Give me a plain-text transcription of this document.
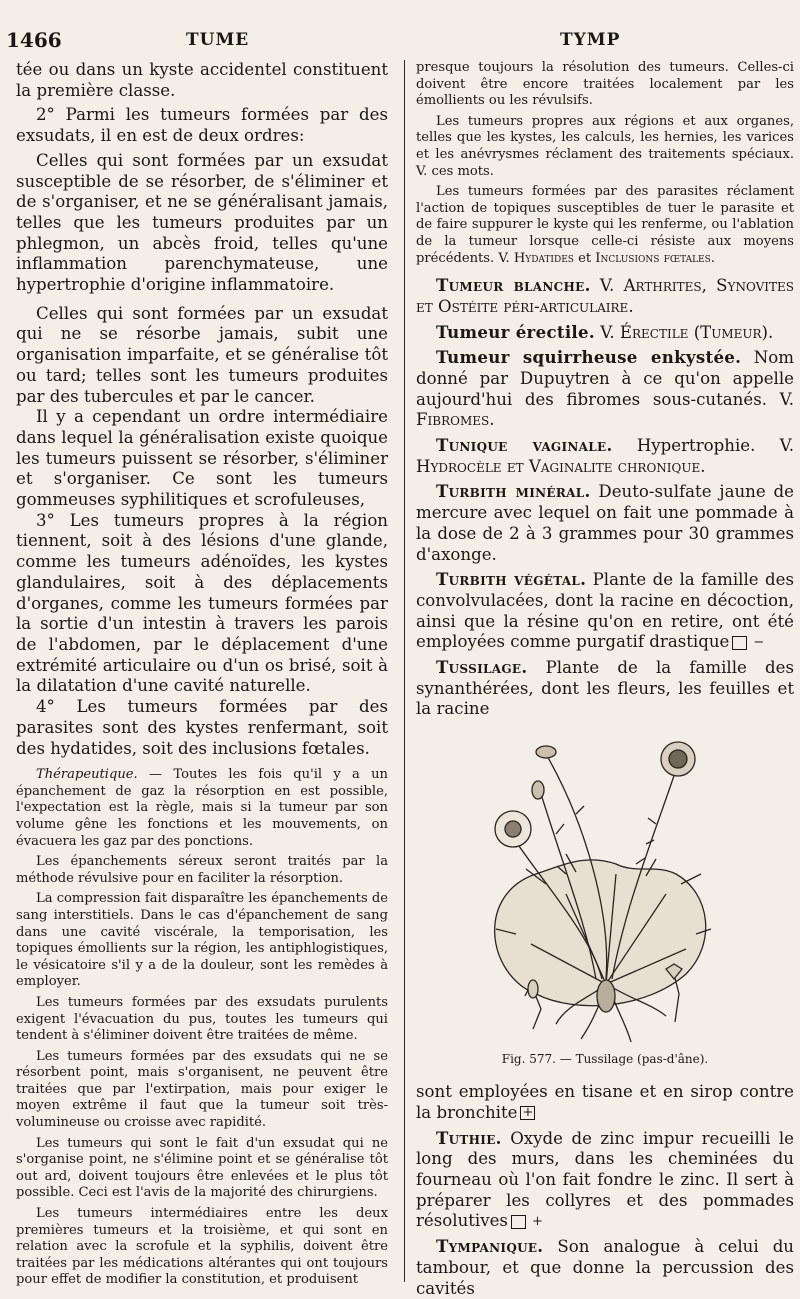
1466	TUME	TYMP

tée ou dans un kyste accidentel constituent la première classe.

2° Parmi les tumeurs formées par des exsudats, il en est de deux ordres:

Celles qui sont formées par un exsudat susceptible de se résorber, de s'éliminer et de s'organiser, et ne se généralisant jamais, telles que les tumeurs produites par un phlegmon, un abcès froid, telles qu'une inflammation parenchymateuse, une hypertrophie d'origine inflammatoire.

Celles qui sont formées par un exsudat qui ne se résorbe jamais, subit une organisation imparfaite, et se généralise tôt ou tard; telles sont les tumeurs produites par des tubercules et par le cancer.

Il y a cependant un ordre intermédiaire dans lequel la généralisation existe quoique les tumeurs puissent se résorber, s'éliminer et s'organiser. Ce sont les tumeurs gommeuses syphilitiques et scrofuleuses,

3° Les tumeurs propres à la région tiennent, soit à des lésions d'une glande, comme les tumeurs adénoïdes, les kystes glandulaires, soit à des déplacements d'organes, comme les tumeurs formées par la sortie d'un intestin à travers les parois de l'abdomen, par le déplacement d'une extrémité articulaire ou d'un os brisé, soit à la dilatation d'une cavité naturelle.

4° Les tumeurs formées par des parasites sont des kystes renfermant, soit des hydatides, soit des inclusions fœtales.

Thérapeutique. — Toutes les fois qu'il y a un épanchement de gaz la résorption en est possible, l'expectation est la règle, mais si la tumeur par son volume gêne les fonctions et les mouvements, on évacuera les gaz par des ponctions.

Les épanchements séreux seront traités par la méthode révulsive pour en faciliter la résorption.

La compression fait disparaître les épanchements de sang interstitiels. Dans le cas d'épanchement de sang dans une cavité viscérale, la temporisation, les topiques émollients sur la région, les antiphlogistiques, le vésicatoire s'il y a de la douleur, sont les remèdes à employer.

Les tumeurs formées par des exsudats purulents exigent l'évacuation du pus, toutes les tumeurs qui tendent à s'éliminer doivent être traitées de même.

Les tumeurs formées par des exsudats qui ne se résorbent point, mais s'organisent, ne peuvent être traitées que par l'extirpation, mais pour exiger le moyen extrême il faut que la tumeur soit très-volumineuse ou croisse avec rapidité.

Les tumeurs qui sont le fait d'un exsudat qui ne s'organise point, ne s'élimine point et se généralise tôt out ard, doivent toujours être enlevées et le plus tôt possible. Ceci est l'avis de la majorité des chirurgiens.

Les tumeurs intermédiaires entre les deux premières tumeurs et la troisième, et qui sont en relation avec la scrofule et la syphilis, doivent être traitées par les médications altérantes qui ont toujours pour effet de modifier la constitution, et produisent

presque toujours la résolution des tumeurs. Celles-ci doivent être encore traitées localement par les émollients ou les révulsifs.

Les tumeurs propres aux régions et aux organes, telles que les kystes, les calculs, les hernies, les varices et les anévrysmes réclament des traitements spéciaux. V. ces mots.

Les tumeurs formées par des parasites réclament l'action de topiques susceptibles de tuer le parasite et de faire suppurer le kyste qui les renferme, ou l'ablation de la tumeur lorsque celle-ci résiste aux moyens précédents. V. Hydatides et Inclusions fœtales.

Tumeur blanche. V. Arthrites, Synovites et Ostéite péri-articulaire.

Tumeur érectile. V. Érectile (Tumeur).

Tumeur squirrheuse enkystée. Nom donné par Dupuytren à ce qu'on appelle aujourd'hui des fibromes sous-cutanés. V. Fibromes.

Tunique vaginale. Hypertrophie. V. Hydrocèle et Vaginalite chronique.

Turbith minéral. Deuto-sulfate jaune de mercure avec lequel on fait une pommade à la dose de 2 à 3 grammes pour 30 grammes d'axonge.

Turbith végétal. Plante de la famille des convolvulacées, dont la racine en décoction, ainsi que la résine qu'on en retire, ont été employées comme purgatif drastique −

Tussilage. Plante de la famille des synanthérées, dont les fleurs, les feuilles et la racine

Fig. 577. — Tussilage (pas-d'âne).

sont employées en tisane et en sirop contre la bronchite +

Tuthie. Oxyde de zinc impur recueilli le long des murs, dans les cheminées du fourneau où l'on fait fondre le zinc. Il sert à préparer les collyres et des pommades résolutives +

Tympanique. Son analogue à celui du tambour, et que donne la percussion des cavités
